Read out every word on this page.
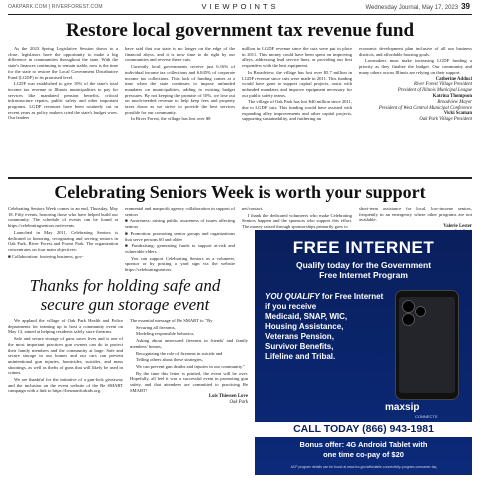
OAKPARK.COM | RIVERFOREST.COM	VIEWPOINTS	Wednesday Journal, May 17, 2023 39
Restore local government tax revenue fund

As the 2023 Spring Legislative Session draws to a close, legislators have the opportunity to make a big difference in communities throughout the state. With the state's finances continuing to remain stable, now is the time for the state to restore the Local Government Distributive Fund (LGDF) to its promised level.

LGDF was established to give 10% of the state's total income tax revenue to Illinois municipalities to pay for services like mandated pension benefits, critical infrastructure repairs, public safety and other important programs. LGDF revenues have been routinely cut in recent years as policy makers cried the state's budget woes. Our leaders

have said that our state is no longer on the edge of the financial abyss, and it is now time to do right by our communities and reverse these cuts.

Currently local governments receive just 6.16% of individual income tax collections and 6.845% of corporate income tax collections. This lack of funding comes at a time when the state continues to impose unfunded mandates on municipalities, adding to existing budget pressures. By not keeping the promise of 10%, we lose out on much-needed revenue to help keep fees and property taxes down as we strive to provide the best services possible for our community.

In River Forest, the village has lost over $8

million in LGDF revenue since the cuts were put in place in 2011. This money could have been spent on improving alleys, addressing lead service lines, or providing our first responders with the best equipment.

In Broadview, the village has lost over $5.7 million in LGDF revenue since cuts were made in 2011. This funding would have gone to support capital projects, assist with unfunded mandates and improve equipment necessary for our public safety teams.

The village of Oak Park has lost $40 million since 2011, due to LGDF cuts. This funding would have assisted with expanding alley improvements and other capital projects, supporting sustainability, and furthering an

economic development plan inclusive of all our business districts, and affordable housing goals.

Lawmakers must make increasing LGDF funding a priority as they finalize the budget. Our community and many others across Illinois are relying on their support.

Catherine Adduci
River Forest Village President
President of Illinois Municipal League
Katrina Thompson
Broadview Mayor
President of West Central Municipal Conference
Vicki Scaman
Oak Park Village President
Celebrating Seniors Week is worth your support

Celebrating Seniors Week comes to an end, Thursday, May 18. Fifty events, honoring those who have helped build our community. The schedule of events can be found at https://celebratingseniors.net/events.

Launched in May 2011, Celebrating Seniors is dedicated to honoring, recognizing and serving seniors in Oak Park, River Forest and Forest Park. The organization concentrates on four main objectives:

■ Collaboration: fostering business, gov-

ernmental and nonprofit agency collaboration in support of seniors

■ Awareness: raising public awareness of issues affecting seniors

■ Promotion: promoting senior groups and organizations that serve persons 60 and older

■ Fundraising: generating funds to support at-risk and vulnerable elders.

You can support Celebrating Seniors as a volunteer, sponsor or by posting a yard sign via the website https://celebratingseniors.

net/contact.

I thank the dedicated volunteers who make Celebrating Seniors happen and the sponsors who support this effort. The money raised through sponsorships primarily goes to

short-term assistance for local, low-income seniors, frequently in an emergency where other programs are not available.

Valerie Lester
Thanks for holding safe and secure gun storage event

We applaud the village of Oak Park Health and Police departments for teaming up to host a community event on May 13, aimed at helping residents safely store firearms.

Safe and secure storage of guns saves lives and is one of the most important practices gun owners can do to protect their family members and the community at large. Safe and secure storage in our homes and our cars can prevent unintentional gun injuries, homicides, suicides, and mass shootings, as well as thefts of guns that will likely be used in crimes.

We are thankful for the initiative of a gun-lock giveaway and the inclusion on the event website of the Be SMART campaign with a link to https://besmartforkids.org.

The essential message of Be SMART is: "By

Securing all firearms,

Modeling responsible behavior,

Asking about unsecured firearms in friends' and family members' homes,

Recognizing the role of firearms in suicide and

Telling others about these strategies,

We can prevent gun deaths and injuries in our community."

By the time this letter is printed, the event will be over. Hopefully, all feel it was a successful event in promoting gun safety, and that attendees are committed to practicing Be SMART!

Lois Thiessen Love
Oak Park
FREE INTERNET
Qualify today for the Government
Free Internet Program
YOU QUALIFY for Free Internet if you receive
Medicaid, SNAP, WIC,
Housing Assistance,
Veterans Pension,
Survivor Benefits,
Lifeline and Tribal.
maxsip
CONNECTS
CALL TODAY (866) 943-1981
Bonus offer: 4G Android Tablet with
one time co-pay of $20
ACP program details can be found at www.fcc.gov/affordable-connectivity-program-consumer-faq
